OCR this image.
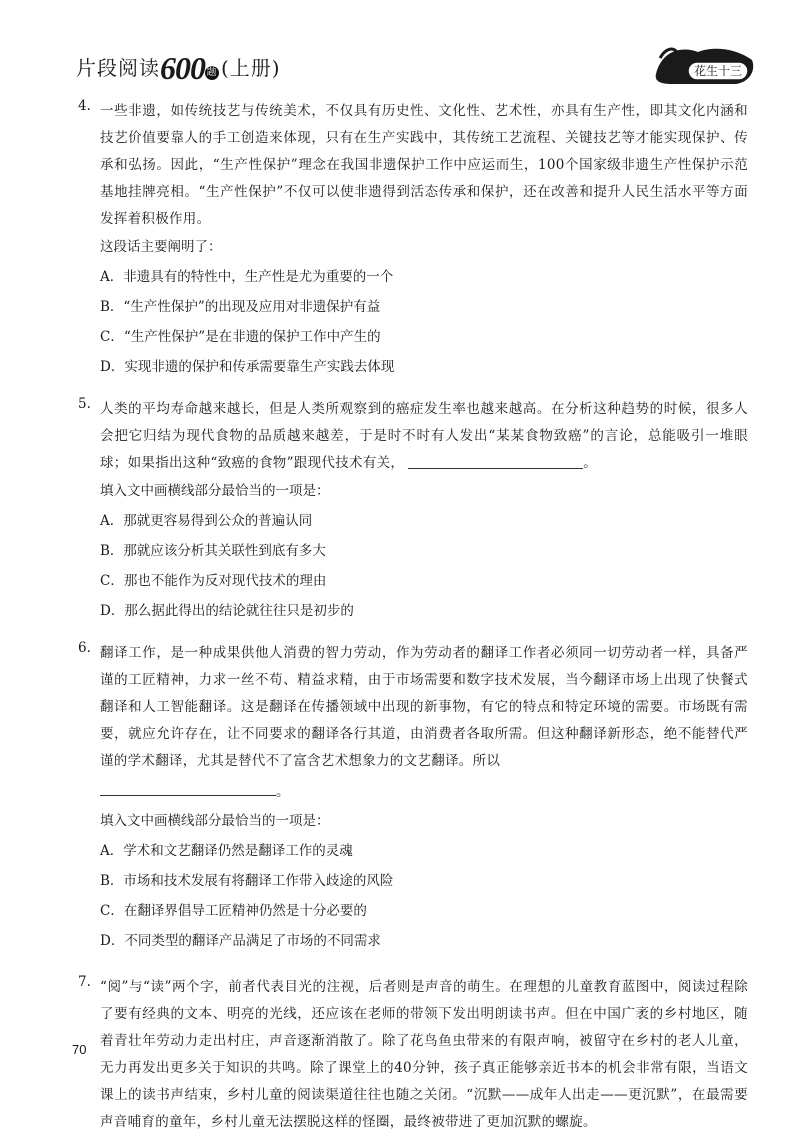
片段阅读600 题 (上册)	花生十三
4. 一些非遗，如传统技艺与传统美术，不仅具有历史性、文化性、艺术性，亦具有生产性，即其文化内涵和技艺价值要靠人的手工创造来体现，只有在生产实践中，其传统工艺流程、关键技艺等才能实现保护、传承和弘扬。因此，“生产性保护”理念在我国非遗保护工作中应运而生，100个国家级非遗生产性保护示范基地挂牌亮相。“生产性保护”不仅可以使非遗得到活态传承和保护，还在改善和提升人民生活水平等方面发挥着积极作用。
这段话主要阐明了：
A．非遗具有的特性中，生产性是尤为重要的一个
B．“生产性保护”的出现及应用对非遗保护有益
C．“生产性保护”是在非遗的保护工作中产生的
D．实现非遗的保护和传承需要靠生产实践去体现
5. 人类的平均寿命越来越长，但是人类所观察到的癌症发生率也越来越高。在分析这种趋势的时候，很多人会把它归结为现代食物的品质越来越差，于是时不时有人发出“某某食物致癌”的言论，总能吸引一堆眼球；如果指出这种“致癌的食物”跟现代技术有关，	。
填入文中画横线部分最恰当的一项是：
A．那就更容易得到公众的普遍认同
B．那就应该分析其关联性到底有多大
C．那也不能作为反对现代技术的理由
D．那么据此得出的结论就往往只是初步的
6. 翻译工作，是一种成果供他人消费的智力劳动，作为劳动者的翻译工作者必须同一切劳动者一样，具备严谨的工匠精神，力求一丝不苟、精益求精，由于市场需要和数字技术发展，当今翻译市场上出现了快餐式翻译和人工智能翻译。这是翻译在传播领域中出现的新事物，有它的特点和特定环境的需要。市场既有需要，就应允许存在，让不同要求的翻译各行其道，由消费者各取所需。但这种翻译新形态，绝不能替代严谨的学术翻译，尤其是替代不了富含艺术想象力的文艺翻译。所以
。
填入文中画横线部分最恰当的一项是：
A．学术和文艺翻译仍然是翻译工作的灵魂
B．市场和技术发展有将翻译工作带入歧途的风险
C．在翻译界倡导工匠精神仍然是十分必要的
D．不同类型的翻译产品满足了市场的不同需求
7. “阅”与“读”两个字，前者代表目光的注视，后者则是声音的萌生。在理想的儿童教育蓝图中，阅读过程除了要有经典的文本、明亮的光线，还应该在老师的带领下发出明朗读书声。但在中国广袤的乡村地区，随着青壮年劳动力走出村庄，声音逐渐消散了。除了花鸟鱼虫带来的有限声响，被留守在乡村的老人儿童，无力再发出更多关于知识的共鸣。除了课堂上的40分钟，孩子真正能够亲近书本的机会非常有限，当语文课上的读书声结束，乡村儿童的阅读渠道往往也随之关闭。“沉默——成年人出走——更沉默”，在最需要声音哺育的童年，乡村儿童无法摆脱这样的怪圈，最终被带进了更加沉默的螺旋。
70
